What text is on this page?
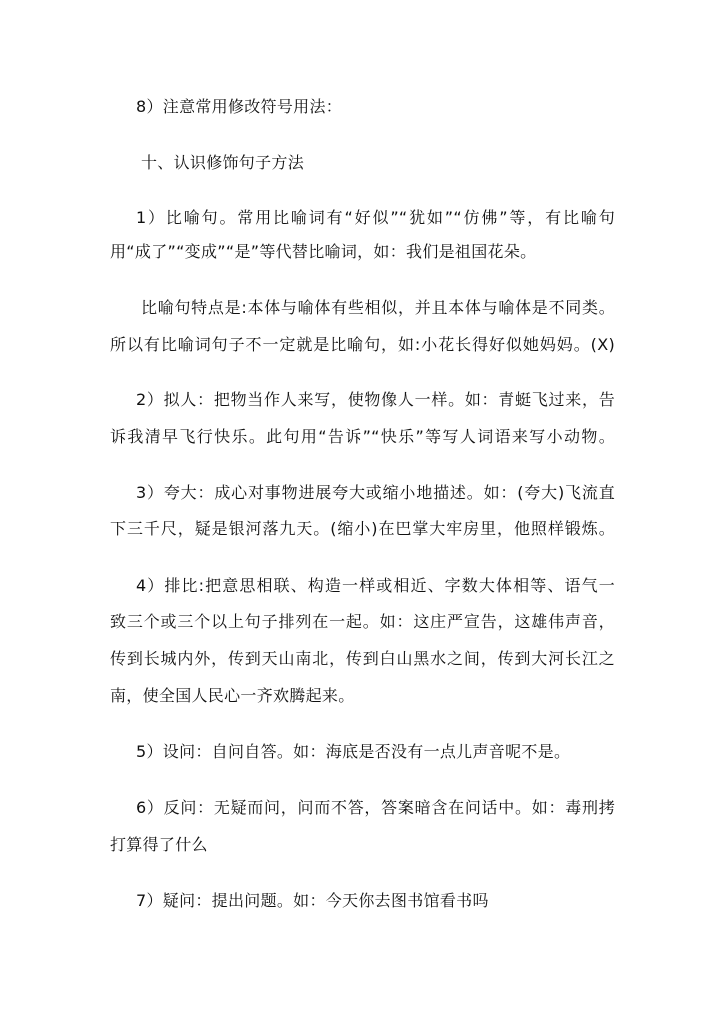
8）注意常用修改符号用法：
十、认识修饰句子方法
1）比喻句。常用比喻词有“好似”“犹如”“仿佛”等，有比喻句
用“成了”“变成”“是”等代替比喻词，如：我们是祖国花朵。
比喻句特点是:本体与喻体有些相似，并且本体与喻体是不同类。
所以有比喻词句子不一定就是比喻句，如:小花长得好似她妈妈。(X)
2）拟人：把物当作人来写，使物像人一样。如：青蜓飞过来，告
诉我清早飞行快乐。此句用“告诉”“快乐”等写人词语来写小动物。
3）夸大：成心对事物进展夸大或缩小地描述。如：(夸大)飞流直
下三千尺，疑是银河落九天。(缩小)在巴掌大牢房里，他照样锻炼。
4）排比:把意思相联、构造一样或相近、字数大体相等、语气一
致三个或三个以上句子排列在一起。如：这庄严宣告，这雄伟声音，
传到长城内外，传到天山南北，传到白山黑水之间，传到大河长江之
南，使全国人民心一齐欢腾起来。
5）设问：自问自答。如：海底是否没有一点儿声音呢不是。
6）反问：无疑而问，问而不答，答案暗含在问话中。如：毒刑拷
打算得了什么
7）疑问：提出问题。如：今天你去图书馆看书吗
